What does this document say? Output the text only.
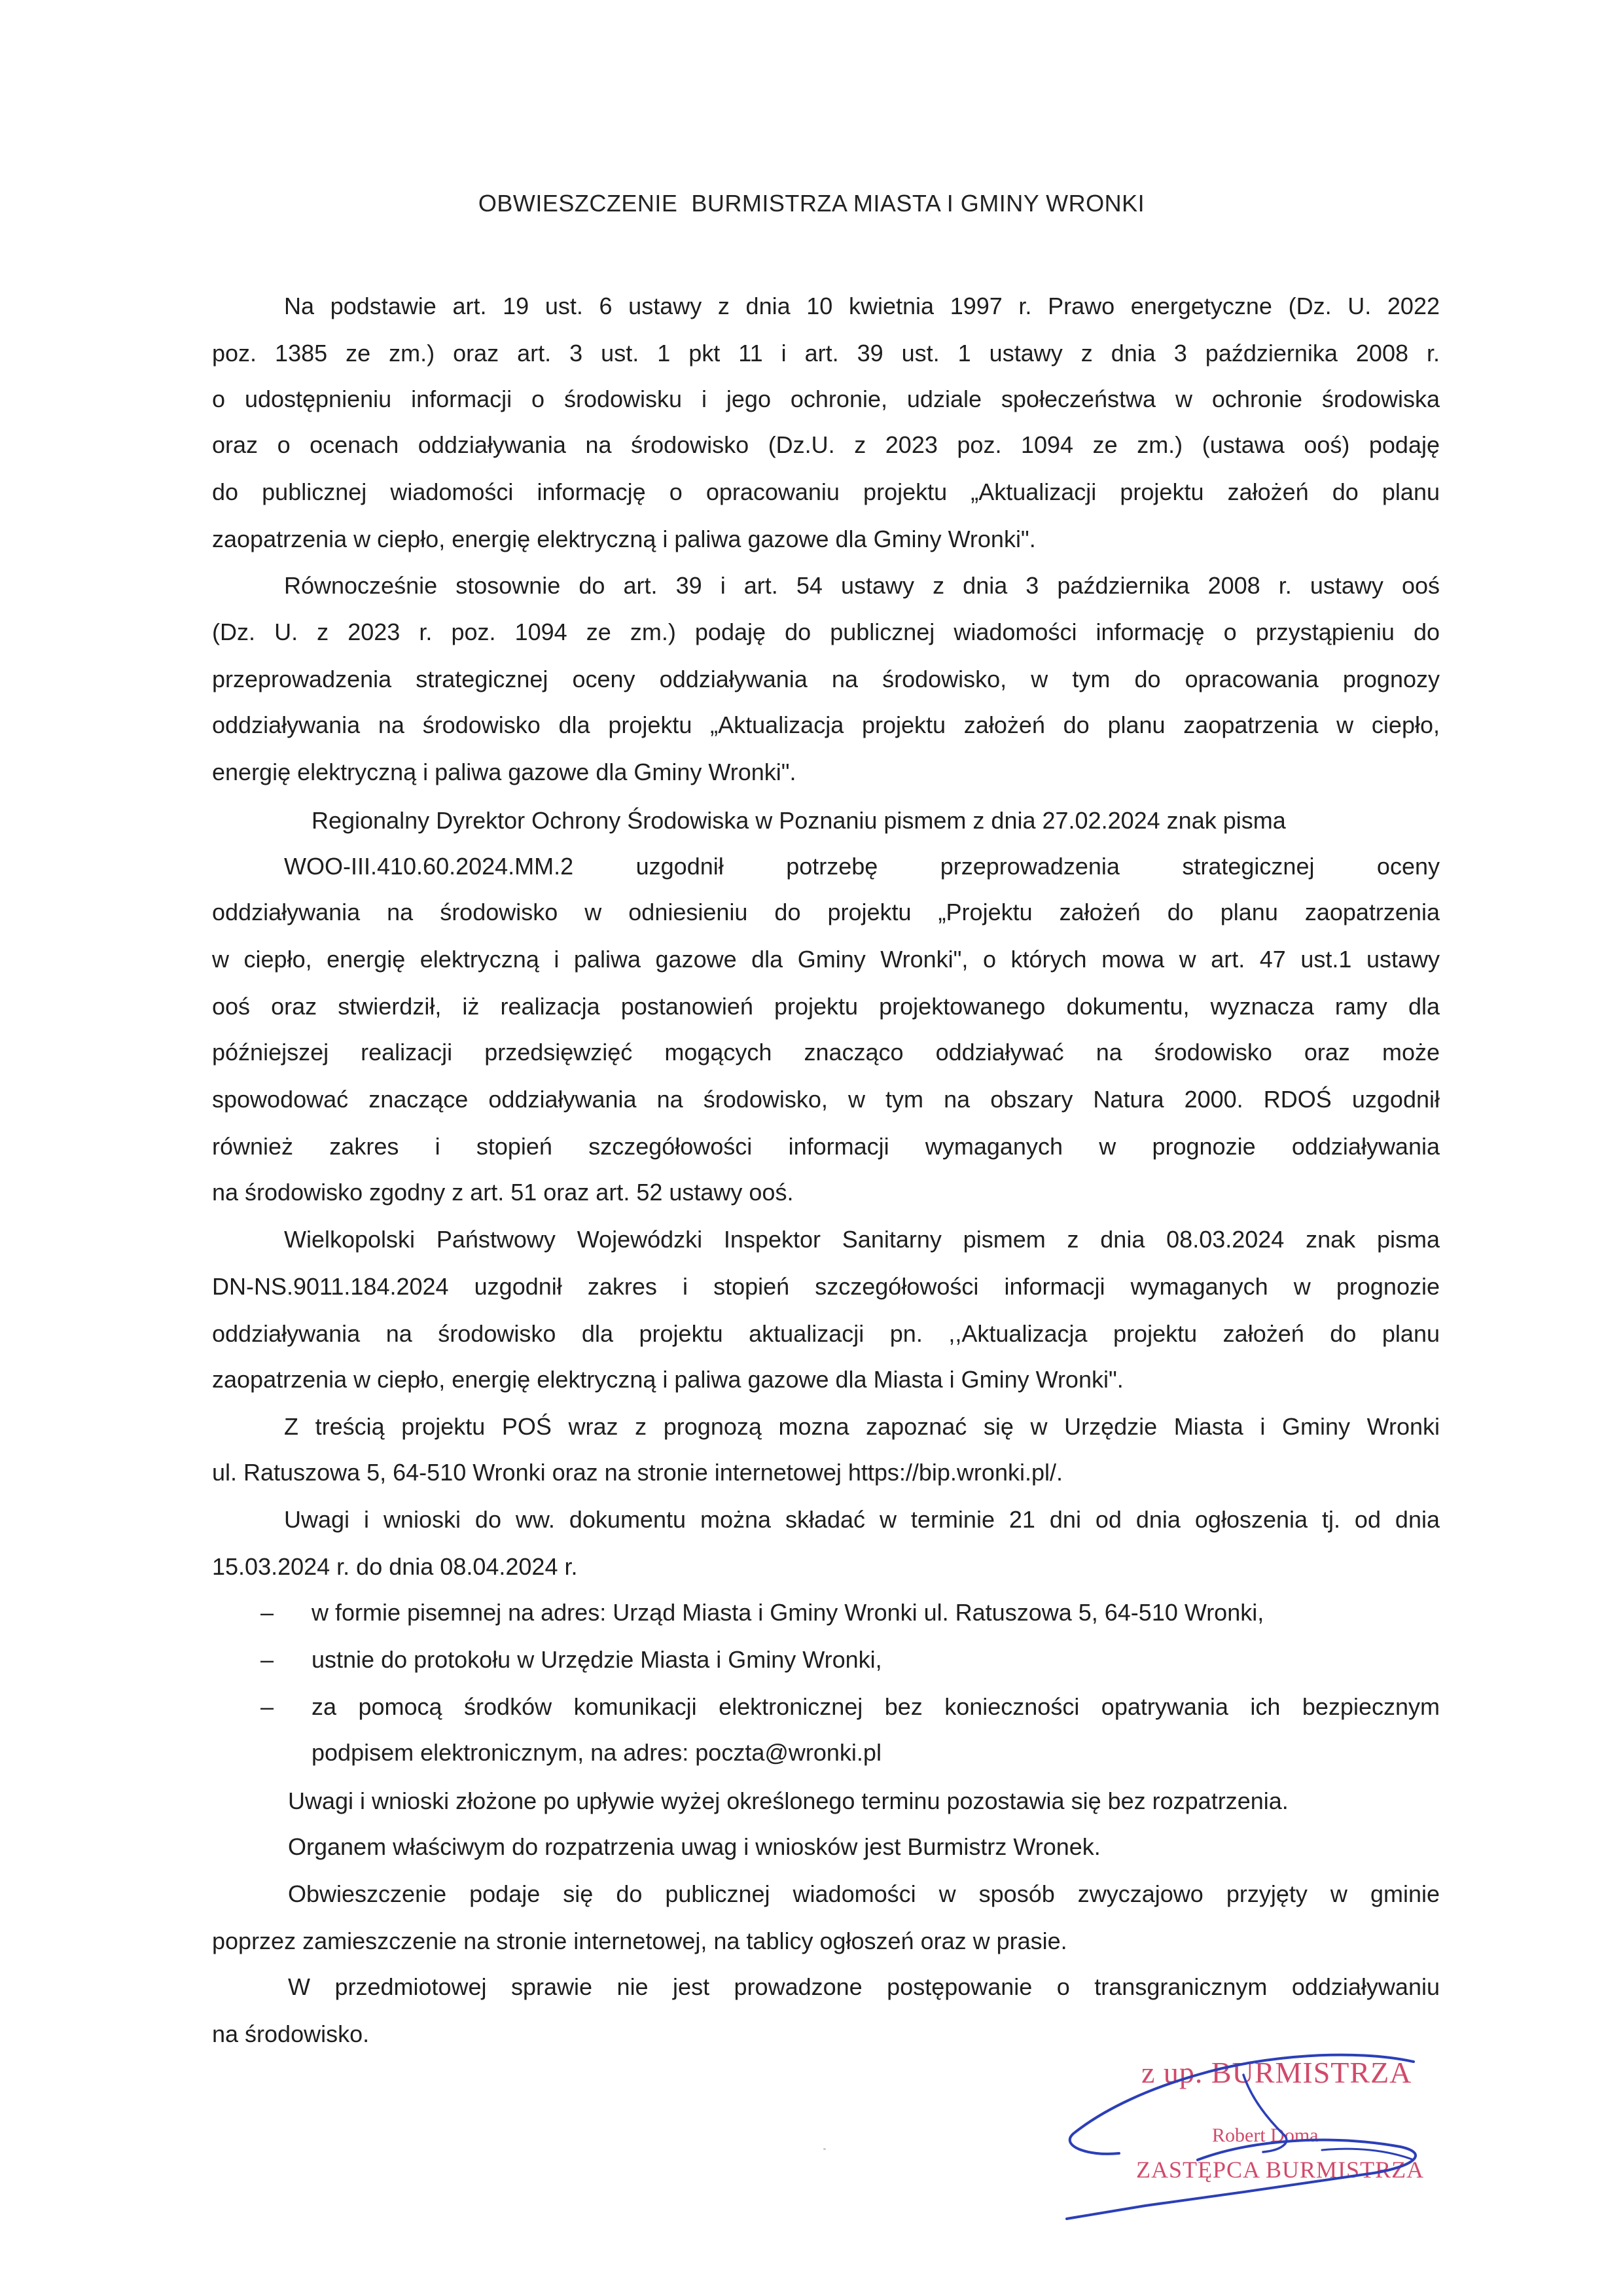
OBWIESZCZENIE  BURMISTRZA MIASTA I GMINY WRONKI
Na podstawie art. 19 ust. 6 ustawy z dnia 10 kwietnia 1997 r. Prawo energetyczne (Dz. U. 2022
poz. 1385 ze zm.) oraz art. 3 ust. 1 pkt 11 i art. 39 ust. 1 ustawy z dnia 3 października 2008 r.
o udostępnieniu informacji o środowisku i jego ochronie, udziale społeczeństwa w ochronie środowiska
oraz o ocenach oddziaływania na środowisko (Dz.U. z 2023 poz. 1094 ze zm.) (ustawa ooś) podaję
do publicznej wiadomości informację o opracowaniu projektu „Aktualizacji projektu założeń do planu
zaopatrzenia w ciepło, energię elektryczną i paliwa gazowe dla Gminy Wronki".
Równocześnie stosownie do art. 39 i art. 54 ustawy z dnia 3 października 2008 r. ustawy ooś
(Dz. U. z 2023 r. poz. 1094 ze zm.) podaję do publicznej wiadomości informację o przystąpieniu do
przeprowadzenia strategicznej oceny oddziaływania na środowisko, w tym do opracowania prognozy
oddziaływania na środowisko dla projektu „Aktualizacja projektu założeń do planu zaopatrzenia w ciepło,
energię elektryczną i paliwa gazowe dla Gminy Wronki".
Regionalny Dyrektor Ochrony Środowiska w Poznaniu pismem z dnia 27.02.2024 znak pisma
WOO-III.410.60.2024.MM.2 uzgodnił potrzebę przeprowadzenia strategicznej oceny
oddziaływania na środowisko w odniesieniu do projektu „Projektu założeń do planu zaopatrzenia
w ciepło, energię elektryczną i paliwa gazowe dla Gminy Wronki", o których mowa w art. 47 ust.1 ustawy
ooś oraz stwierdził, iż realizacja postanowień projektu projektowanego dokumentu, wyznacza ramy dla
późniejszej realizacji przedsięwzięć mogących znacząco oddziaływać na środowisko oraz może
spowodować znaczące oddziaływania na środowisko, w tym na obszary Natura 2000. RDOŚ uzgodnił
również zakres i stopień szczegółowości informacji wymaganych w prognozie oddziaływania
na środowisko zgodny z art. 51 oraz art. 52 ustawy ooś.
Wielkopolski Państwowy Wojewódzki Inspektor Sanitarny pismem z dnia 08.03.2024 znak pisma
DN-NS.9011.184.2024 uzgodnił zakres i stopień szczegółowości informacji wymaganych w prognozie
oddziaływania na środowisko dla projektu aktualizacji pn. ,,Aktualizacja projektu założeń do planu
zaopatrzenia w ciepło, energię elektryczną i paliwa gazowe dla Miasta i Gminy Wronki".
Z treścią projektu POŚ wraz z prognozą mozna zapoznać się w Urzędzie Miasta i Gminy Wronki
ul. Ratuszowa 5, 64-510 Wronki oraz na stronie internetowej https://bip.wronki.pl/.
Uwagi i wnioski do ww. dokumentu można składać w terminie 21 dni od dnia ogłoszenia tj. od dnia
15.03.2024 r. do dnia 08.04.2024 r.
– w formie pisemnej na adres: Urząd Miasta i Gminy Wronki ul. Ratuszowa 5, 64-510 Wronki,
– ustnie do protokołu w Urzędzie Miasta i Gminy Wronki,
– za pomocą środków komunikacji elektronicznej bez konieczności opatrywania ich bezpiecznym
podpisem elektronicznym, na adres: poczta@wronki.pl
Uwagi i wnioski złożone po upływie wyżej określonego terminu pozostawia się bez rozpatrzenia.
Organem właściwym do rozpatrzenia uwag i wniosków jest Burmistrz Wronek.
Obwieszczenie podaje się do publicznej wiadomości w sposób zwyczajowo przyjęty w gminie
poprzez zamieszczenie na stronie internetowej, na tablicy ogłoszeń oraz w prasie.
W przedmiotowej sprawie nie jest prowadzone postępowanie o transgranicznym oddziaływaniu
na środowisko.
z up. BURMISTRZA
Robert Doma
ZASTĘPCA BURMISTRZA
